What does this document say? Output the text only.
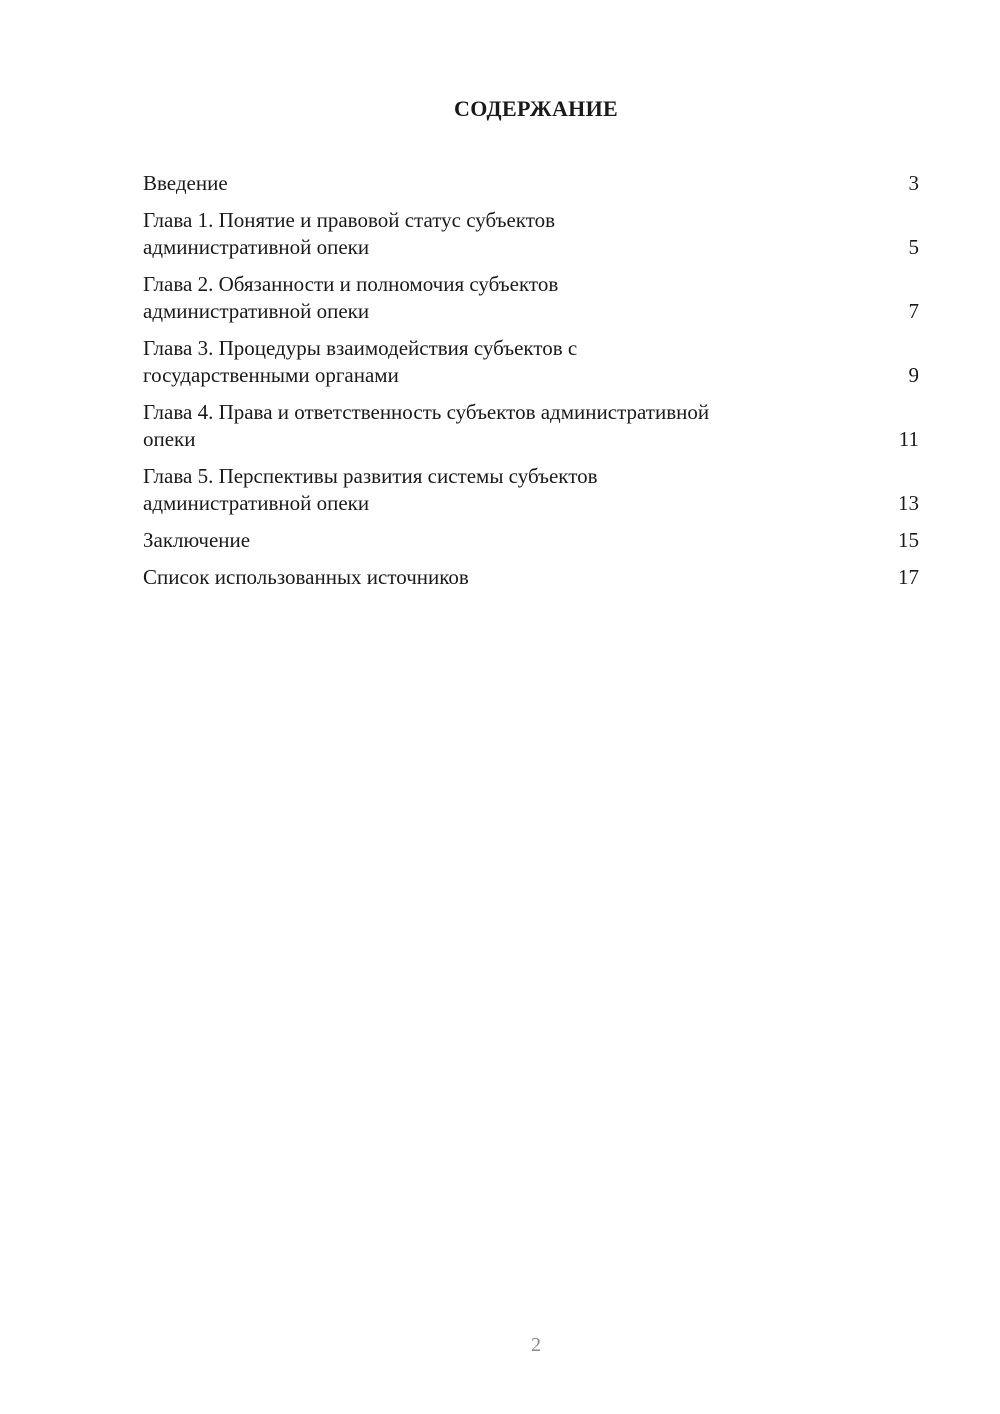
СОДЕРЖАНИЕ
Введение	3
Глава 1. Понятие и правовой статус субъектов
административной опеки	5
Глава 2. Обязанности и полномочия субъектов
административной опеки	7
Глава 3. Процедуры взаимодействия субъектов с
государственными органами	9
Глава 4. Права и ответственность субъектов административной
опеки	11
Глава 5. Перспективы развития системы субъектов
административной опеки	13
Заключение	15
Список использованных источников	17
2
